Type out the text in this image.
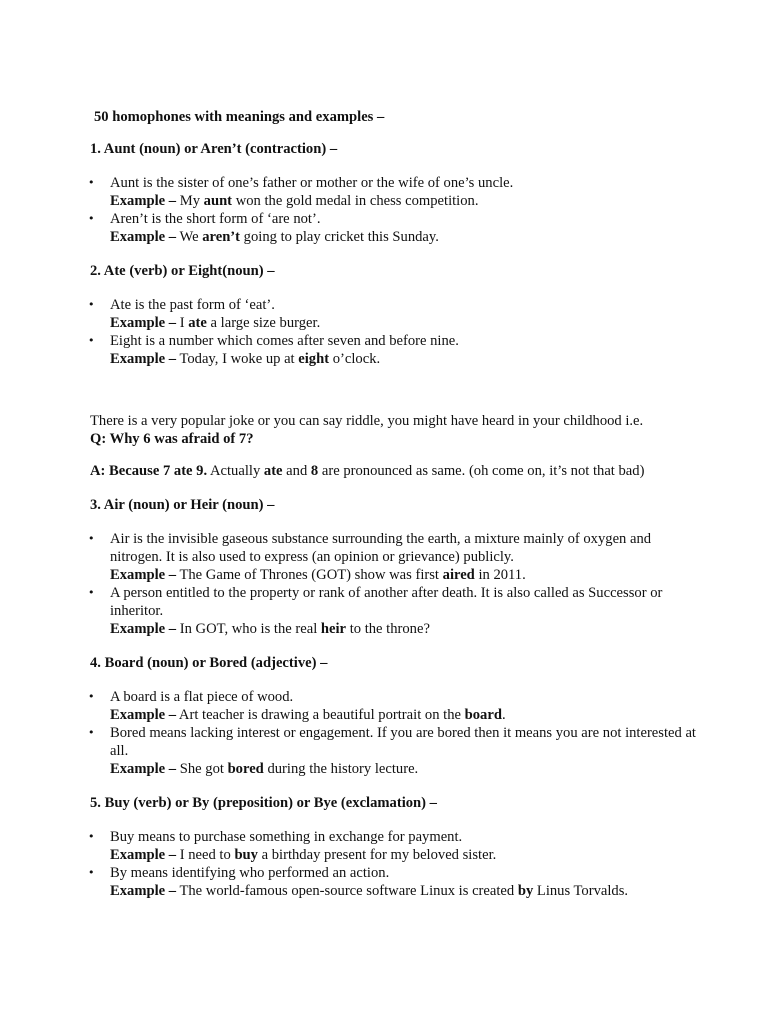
50 homophones with meanings and examples –
1. Aunt (noun) or Aren’t (contraction) –
• Aunt is the sister of one’s father or mother or the wife of one’s uncle.
Example – My aunt won the gold medal in chess competition.
• Aren’t is the short form of ‘are not’.
Example – We aren’t going to play cricket this Sunday.
2. Ate (verb) or Eight(noun) –
• Ate is the past form of ‘eat’.
Example – I ate a large size burger.
• Eight is a number which comes after seven and before nine.
Example – Today, I woke up at eight o’clock.

There is a very popular joke or you can say riddle, you might have heard in your childhood i.e.

Q: Why 6 was afraid of 7?

A: Because 7 ate 9. Actually ate and 8 are pronounced as same. (oh come on, it’s not that bad)

3. Air (noun) or Heir (noun) –
• Air is the invisible gaseous substance surrounding the earth, a mixture mainly of oxygen and nitrogen. It is also used to express (an opinion or grievance) publicly.
Example – The Game of Thrones (GOT) show was first aired in 2011.
• A person entitled to the property or rank of another after death. It is also called as Successor or inheritor.
Example – In GOT, who is the real heir to the throne?
4. Board (noun) or Bored (adjective) –
• A board is a flat piece of wood.
Example – Art teacher is drawing a beautiful portrait on the board.
• Bored means lacking interest or engagement. If you are bored then it means you are not interested at all.
Example – She got bored during the history lecture.
5. Buy (verb) or By (preposition) or Bye (exclamation) –
• Buy means to purchase something in exchange for payment.
Example – I need to buy a birthday present for my beloved sister.
• By means identifying who performed an action.
Example – The world-famous open-source software Linux is created by Linus Torvalds.
